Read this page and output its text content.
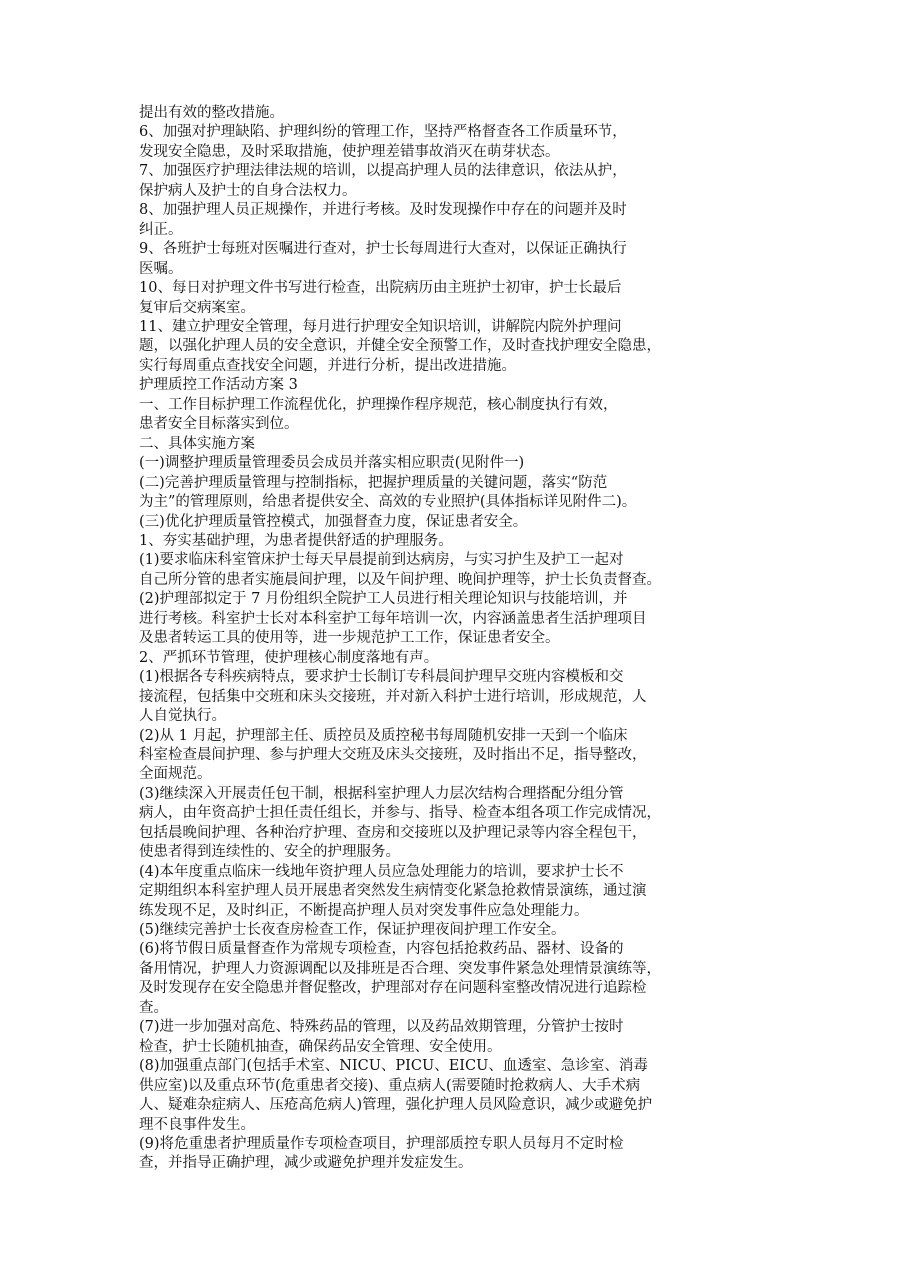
提出有效的整改措施。
6、加强对护理缺陷、护理纠纷的管理工作，坚持严格督查各工作质量环节，
发现安全隐患，及时采取措施，使护理差错事故消灭在萌芽状态。
7、加强医疗护理法律法规的培训，以提高护理人员的法律意识，依法从护，
保护病人及护士的自身合法权力。
8、加强护理人员正规操作，并进行考核。及时发现操作中存在的问题并及时
纠正。
9、各班护士每班对医嘱进行查对，护士长每周进行大查对，以保证正确执行
医嘱。
10、每日对护理文件书写进行检查，出院病历由主班护士初审，护士长最后
复审后交病案室。
11、建立护理安全管理，每月进行护理安全知识培训，讲解院内院外护理问
题，以强化护理人员的安全意识，并健全安全预警工作，及时查找护理安全隐患，
实行每周重点查找安全问题，并进行分析，提出改进措施。
护理质控工作活动方案 3
一、工作目标护理工作流程优化，护理操作程序规范，核心制度执行有效，
患者安全目标落实到位。
二、具体实施方案
(一)调整护理质量管理委员会成员并落实相应职责(见附件一)
(二)完善护理质量管理与控制指标，把握护理质量的关键问题，落实“防范
为主”的管理原则，给患者提供安全、高效的专业照护(具体指标详见附件二)。
(三)优化护理质量管控模式，加强督查力度，保证患者安全。
1、夯实基础护理，为患者提供舒适的护理服务。
(1)要求临床科室管床护士每天早晨提前到达病房，与实习护生及护工一起对
自己所分管的患者实施晨间护理，以及午间护理、晚间护理等，护士长负责督查。
(2)护理部拟定于 7 月份组织全院护工人员进行相关理论知识与技能培训，并
进行考核。科室护士长对本科室护工每年培训一次，内容涵盖患者生活护理项目
及患者转运工具的使用等，进一步规范护工工作，保证患者安全。
2、严抓环节管理，使护理核心制度落地有声。
(1)根据各专科疾病特点，要求护士长制订专科晨间护理早交班内容模板和交
接流程，包括集中交班和床头交接班，并对新入科护士进行培训，形成规范，人
人自觉执行。
(2)从 1 月起，护理部主任、质控员及质控秘书每周随机安排一天到一个临床
科室检查晨间护理、参与护理大交班及床头交接班，及时指出不足，指导整改，
全面规范。
(3)继续深入开展责任包干制，根据科室护理人力层次结构合理搭配分组分管
病人，由年资高护士担任责任组长，并参与、指导、检查本组各项工作完成情况，
包括晨晚间护理、各种治疗护理、查房和交接班以及护理记录等内容全程包干，
使患者得到连续性的、安全的护理服务。
(4)本年度重点临床一线地年资护理人员应急处理能力的培训，要求护士长不
定期组织本科室护理人员开展患者突然发生病情变化紧急抢救情景演练，通过演
练发现不足，及时纠正，不断提高护理人员对突发事件应急处理能力。
(5)继续完善护士长夜查房检查工作，保证护理夜间护理工作安全。
(6)将节假日质量督查作为常规专项检查，内容包括抢救药品、器材、设备的
备用情况，护理人力资源调配以及排班是否合理、突发事件紧急处理情景演练等，
及时发现存在安全隐患并督促整改，护理部对存在问题科室整改情况进行追踪检
查。
(7)进一步加强对高危、特殊药品的管理，以及药品效期管理，分管护士按时
检查，护士长随机抽查，确保药品安全管理、安全使用。
(8)加强重点部门(包括手术室、NICU、PICU、EICU、血透室、急诊室、消毒
供应室)以及重点环节(危重患者交接)、重点病人(需要随时抢救病人、大手术病
人、疑难杂症病人、压疮高危病人)管理，强化护理人员风险意识，减少或避免护
理不良事件发生。
(9)将危重患者护理质量作专项检查项目，护理部质控专职人员每月不定时检
查，并指导正确护理，减少或避免护理并发症发生。
